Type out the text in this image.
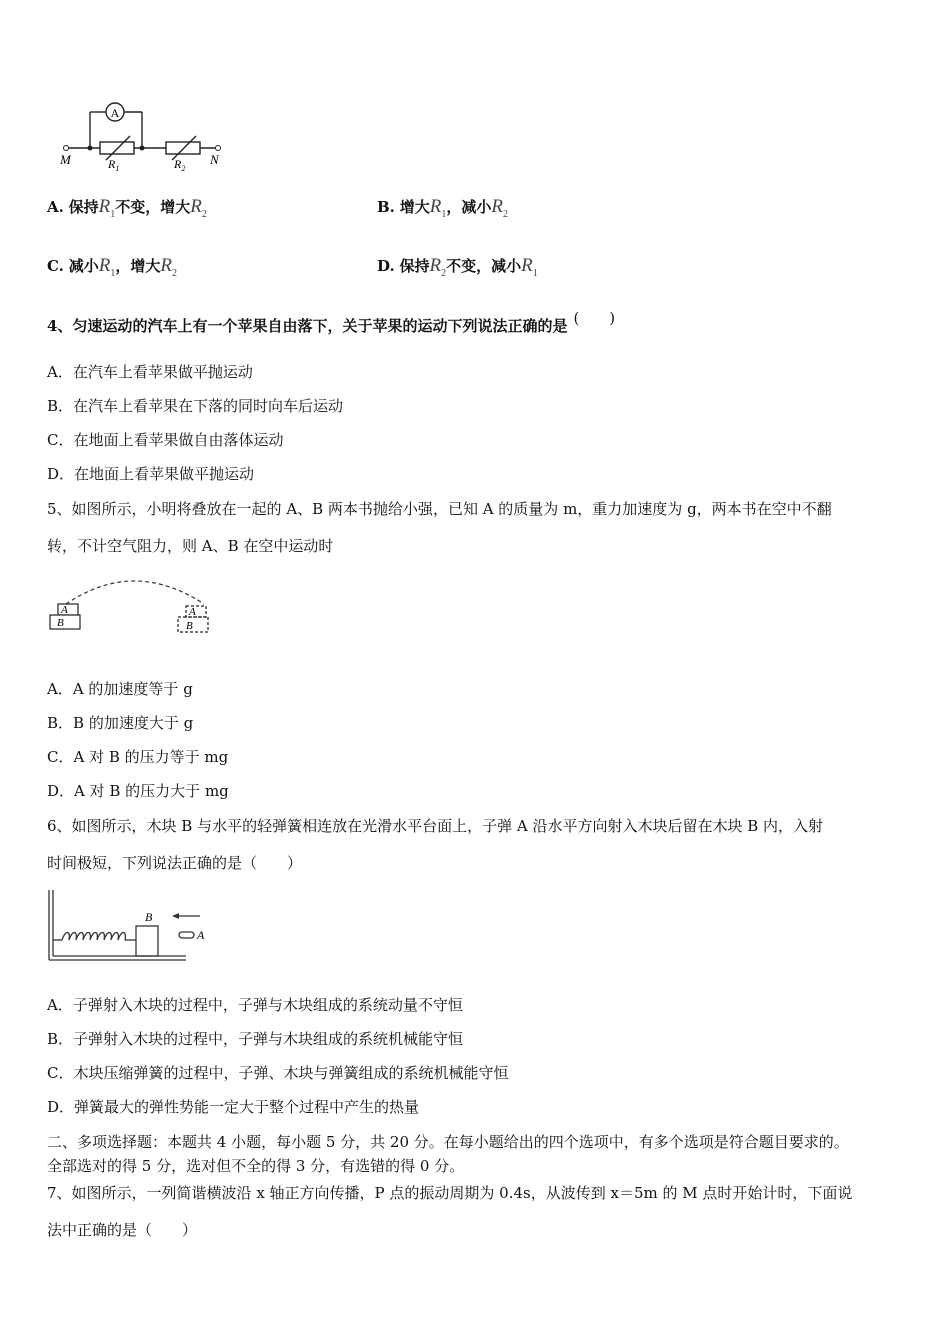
A
M	N
$R_1$	$R_2$
A. 保持$R_1$不变，增大$R_2$	B. 增大$R_1$，减小$R_2$
C. 减小$R_1$，增大$R_2$	D. 保持$R_2$不变，减小$R_1$
4、匀速运动的汽车上有一个苹果自由落下，关于苹果的运动下列说法正确的是 (　　)
A．在汽车上看苹果做平抛运动
B．在汽车上看苹果在下落的同时向车后运动
C．在地面上看苹果做自由落体运动
D．在地面上看苹果做平抛运动
5、如图所示，小明将叠放在一起的 A、B 两本书抛给小强，已知 A 的质量为 m，重力加速度为 g，两本书在空中不翻
转，不计空气阻力，则 A、B 在空中运动时
A
B
A
B
A．A 的加速度等于 g
B．B 的加速度大于 g
C．A 对 B 的压力等于 mg
D．A 对 B 的压力大于 mg
6、如图所示，木块 B 与水平的轻弹簧相连放在光滑水平台面上，子弹 A 沿水平方向射入木块后留在木块 B 内，入射
时间极短，下列说法正确的是（　　）
B
A
A．子弹射入木块的过程中，子弹与木块组成的系统动量不守恒
B．子弹射入木块的过程中，子弹与木块组成的系统机械能守恒
C．木块压缩弹簧的过程中，子弹、木块与弹簧组成的系统机械能守恒
D．弹簧最大的弹性势能一定大于整个过程中产生的热量
二、多项选择题：本题共 4 小题，每小题 5 分，共 20 分。在每小题给出的四个选项中，有多个选项是符合题目要求的。
全部选对的得 5 分，选对但不全的得 3 分，有选错的得 0 分。
7、如图所示，一列简谐横波沿 x 轴正方向传播，P 点的振动周期为 0.4s，从波传到 x＝5m 的 M 点时开始计时，下面说
法中正确的是（　　）
